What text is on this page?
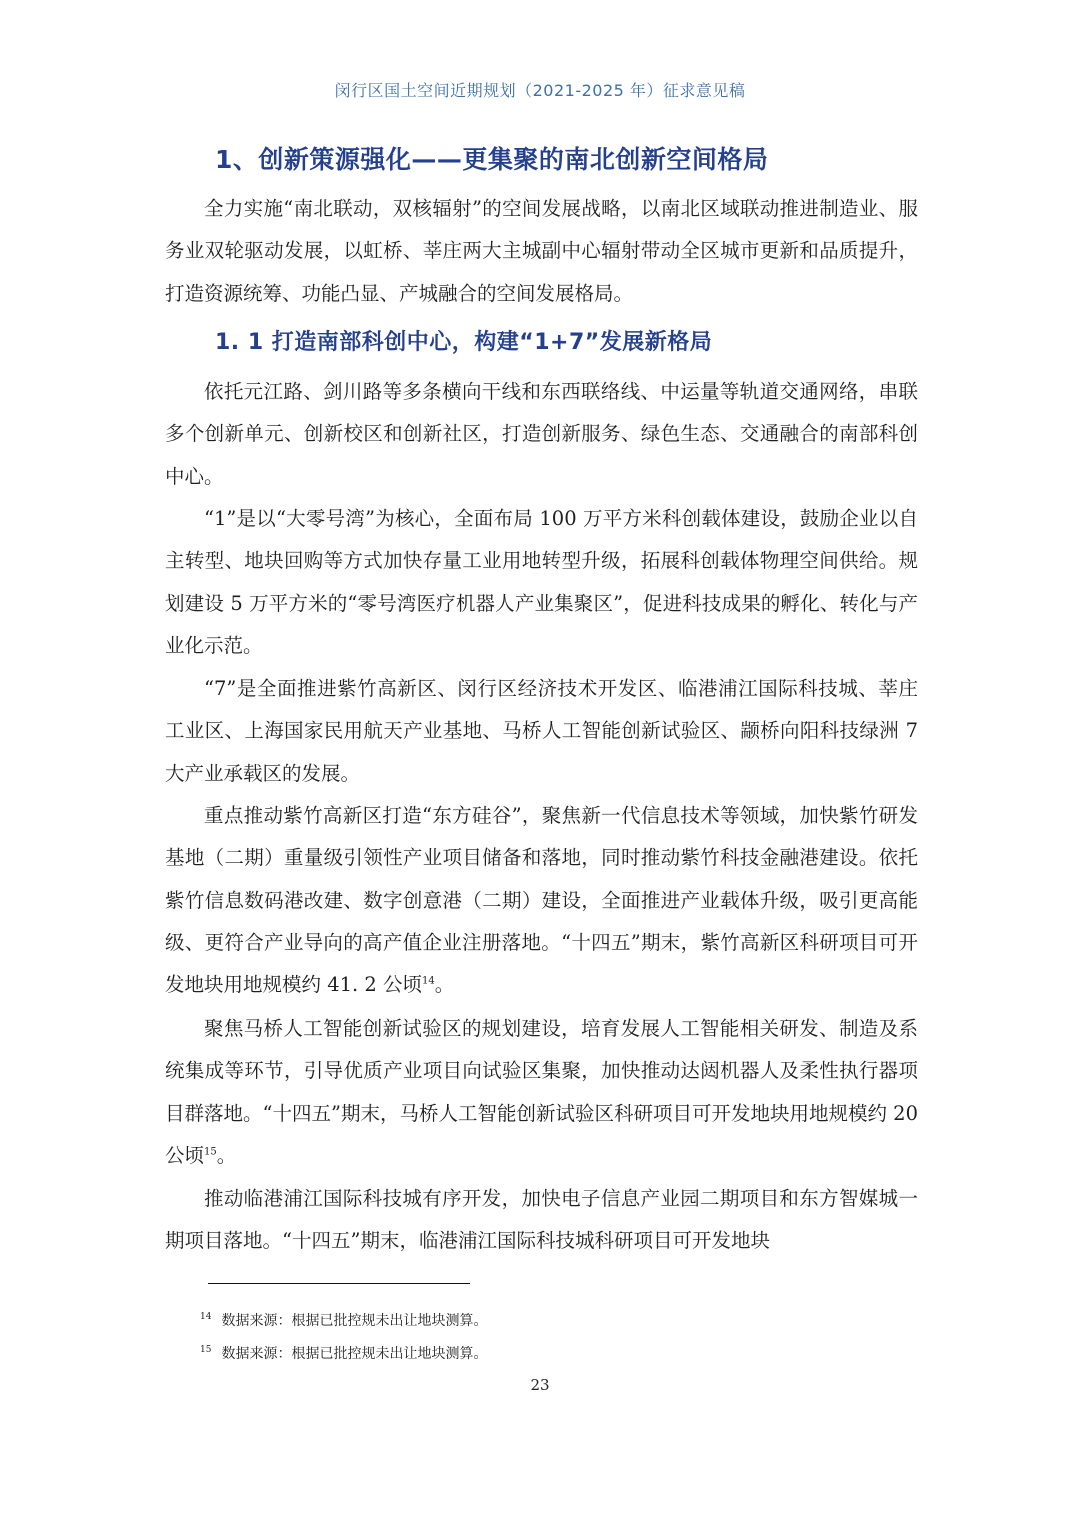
闵行区国土空间近期规划（2021-2025 年）征求意见稿
1、创新策源强化——更集聚的南北创新空间格局

全力实施“南北联动，双核辐射”的空间发展战略，以南北区域联动推进制造业、服务业双轮驱动发展，以虹桥、莘庄两大主城副中心辐射带动全区城市更新和品质提升，打造资源统筹、功能凸显、产城融合的空间发展格局。

1. 1 打造南部科创中心，构建“1+7”发展新格局

依托元江路、剑川路等多条横向干线和东西联络线、中运量等轨道交通网络，串联多个创新单元、创新校区和创新社区，打造创新服务、绿色生态、交通融合的南部科创中心。

“1”是以“大零号湾”为核心，全面布局 100 万平方米科创载体建设，鼓励企业以自主转型、地块回购等方式加快存量工业用地转型升级，拓展科创载体物理空间供给。规划建设 5 万平方米的“零号湾医疗机器人产业集聚区”，促进科技成果的孵化、转化与产业化示范。

“7”是全面推进紫竹高新区、闵行区经济技术开发区、临港浦江国际科技城、莘庄工业区、上海国家民用航天产业基地、马桥人工智能创新试验区、颛桥向阳科技绿洲 7 大产业承载区的发展。

重点推动紫竹高新区打造“东方硅谷”，聚焦新一代信息技术等领域，加快紫竹研发基地（二期）重量级引领性产业项目储备和落地，同时推动紫竹科技金融港建设。依托紫竹信息数码港改建、数字创意港（二期）建设，全面推进产业载体升级，吸引更高能级、更符合产业导向的高产值企业注册落地。“十四五”期末，紫竹高新区科研项目可开发地块用地规模约 41. 2 公顷$^{14}$。

聚焦马桥人工智能创新试验区的规划建设，培育发展人工智能相关研发、制造及系统集成等环节，引导优质产业项目向试验区集聚，加快推动达闼机器人及柔性执行器项目群落地。“十四五”期末，马桥人工智能创新试验区科研项目可开发地块用地规模约 20 公顷$^{15}$。

推动临港浦江国际科技城有序开发，加快电子信息产业园二期项目和东方智媒城一期项目落地。“十四五”期末，临港浦江国际科技城科研项目可开发地块

$^{14}$ 数据来源：根据已批控规未出让地块测算。
$^{15}$ 数据来源：根据已批控规未出让地块测算。
23
